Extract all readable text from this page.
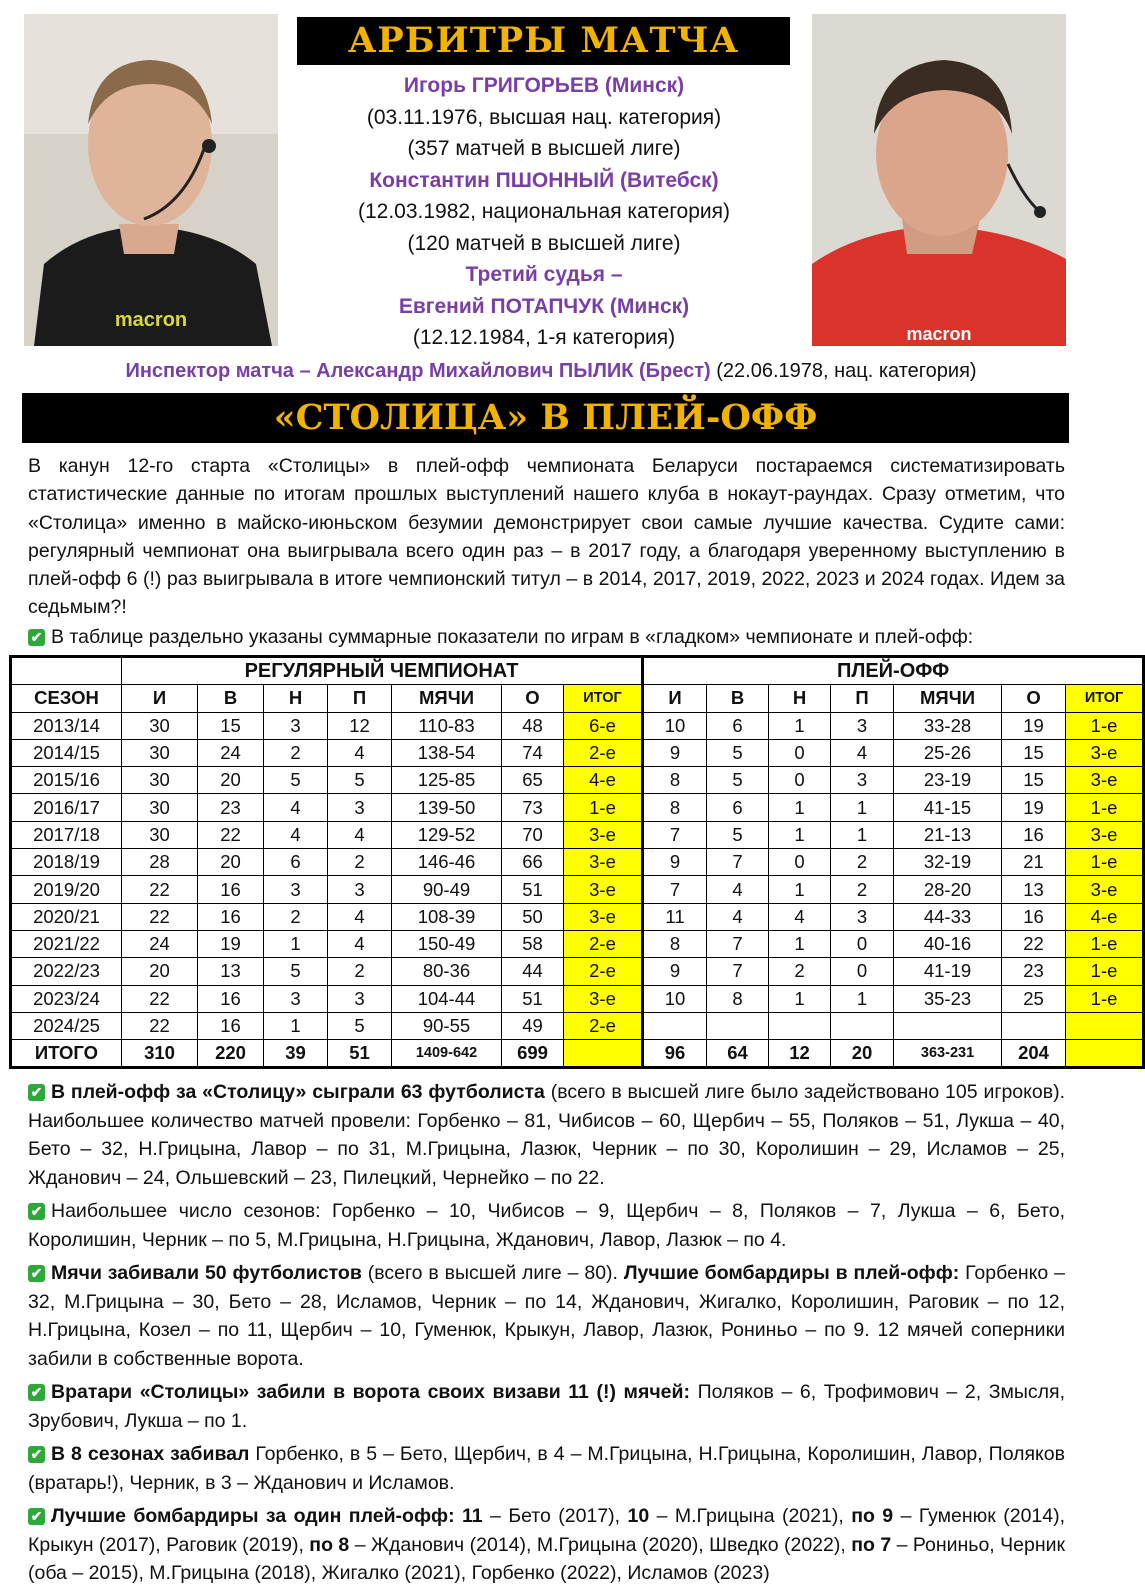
macron
macron
АРБИТРЫ МАТЧА
Игорь ГРИГОРЬЕВ (Минск)
(03.11.1976, высшая нац. категория)
(357 матчей в высшей лиге)
Константин ПШОННЫЙ (Витебск)
(12.03.1982, национальная категория)
(120 матчей в высшей лиге)
Третий судья –
Евгений ПОТАПЧУК (Минск)
(12.12.1984, 1-я категория)
Инспектор матча – Александр Михайлович ПЫЛИК (Брест) (22.06.1978, нац. категория)
«СТОЛИЦА» В ПЛЕЙ-ОФФ
В канун 12-го старта «Столицы» в плей-офф чемпионата Беларуси постараемся систематизировать статистические данные по итогам прошлых выступлений нашего клуба в нокаут-раундах. Сразу отметим, что «Столица» именно в майско-июньском безумии демонстрирует свои самые лучшие качества. Судите сами: регулярный чемпионат она выигрывала всего один раз – в 2017 году, а благодаря уверенному выступлению в плей-офф 6 (!) раз выигрывала в итоге чемпионский титул – в 2014, 2017, 2019, 2022, 2023 и 2024 годах. Идем за седьмым?!
✔ В таблице раздельно указаны суммарные показатели по играм в «гладком» чемпионате и плей-офф:
	РЕГУЛЯРНЫЙ ЧЕМПИОНАТ							ПЛЕЙ-ОФФ						
СЕЗОН	И	В	Н	П	МЯЧИ	О	ИТОГ	И	В	Н	П	МЯЧИ	О	ИТОГ
2013/14	30	15	3	12	110-83	48	6-е	10	6	1	3	33-28	19	1-е
2014/15	30	24	2	4	138-54	74	2-е	9	5	0	4	25-26	15	3-е
2015/16	30	20	5	5	125-85	65	4-е	8	5	0	3	23-19	15	3-е
2016/17	30	23	4	3	139-50	73	1-е	8	6	1	1	41-15	19	1-е
2017/18	30	22	4	4	129-52	70	3-е	7	5	1	1	21-13	16	3-е
2018/19	28	20	6	2	146-46	66	3-е	9	7	0	2	32-19	21	1-е
2019/20	22	16	3	3	90-49	51	3-е	7	4	1	2	28-20	13	3-е
2020/21	22	16	2	4	108-39	50	3-е	11	4	4	3	44-33	16	4-е
2021/22	24	19	1	4	150-49	58	2-е	8	7	1	0	40-16	22	1-е
2022/23	20	13	5	2	80-36	44	2-е	9	7	2	0	41-19	23	1-е
2023/24	22	16	3	3	104-44	51	3-е	10	8	1	1	35-23	25	1-е
2024/25	22	16	1	5	90-55	49	2-е							
ИТОГО	310	220	39	51	1409-642	699		96	64	12	20	363-231	204	

✔ В плей-офф за «Столицу» сыграли 63 футболиста (всего в высшей лиге было задействовано 105 игроков). Наибольшее количество матчей провели: Горбенко – 81, Чибисов – 60, Щербич – 55, Поляков – 51, Лукша – 40, Бето – 32, Н.Грицына, Лавор – по 31, М.Грицына, Лазюк, Черник – по 30, Королишин – 29, Исламов – 25, Жданович – 24, Ольшевский – 23, Пилецкий, Чернейко – по 22.

✔ Наибольшее число сезонов: Горбенко – 10, Чибисов – 9, Щербич – 8, Поляков – 7, Лукша – 6, Бето, Королишин, Черник – по 5, М.Грицына, Н.Грицына, Жданович, Лавор, Лазюк – по 4.

✔ Мячи забивали 50 футболистов (всего в высшей лиге – 80). Лучшие бомбардиры в плей-офф: Горбенко – 32, М.Грицына – 30, Бето – 28, Исламов, Черник – по 14, Жданович, Жигалко, Королишин, Раговик – по 12, Н.Грицына, Козел – по 11, Щербич – 10, Гуменюк, Крыкун, Лавор, Лазюк, Рониньо – по 9. 12 мячей соперники забили в собственные ворота.

✔ Вратари «Столицы» забили в ворота своих визави 11 (!) мячей: Поляков – 6, Трофимович – 2, Змысля, Зрубович, Лукша – по 1.

✔ В 8 сезонах забивал Горбенко, в 5 – Бето, Щербич, в 4 – М.Грицына, Н.Грицына, Королишин, Лавор, Поляков (вратарь!), Черник, в 3 – Жданович и Исламов.

✔ Лучшие бомбардиры за один плей-офф: 11 – Бето (2017), 10 – М.Грицына (2021), по 9 – Гуменюк (2014), Крыкун (2017), Раговик (2019), по 8 – Жданович (2014), М.Грицына (2020), Шведко (2022), по 7 – Рониньо, Черник (оба – 2015), М.Грицына (2018), Жигалко (2021), Горбенко (2022), Исламов (2023)
